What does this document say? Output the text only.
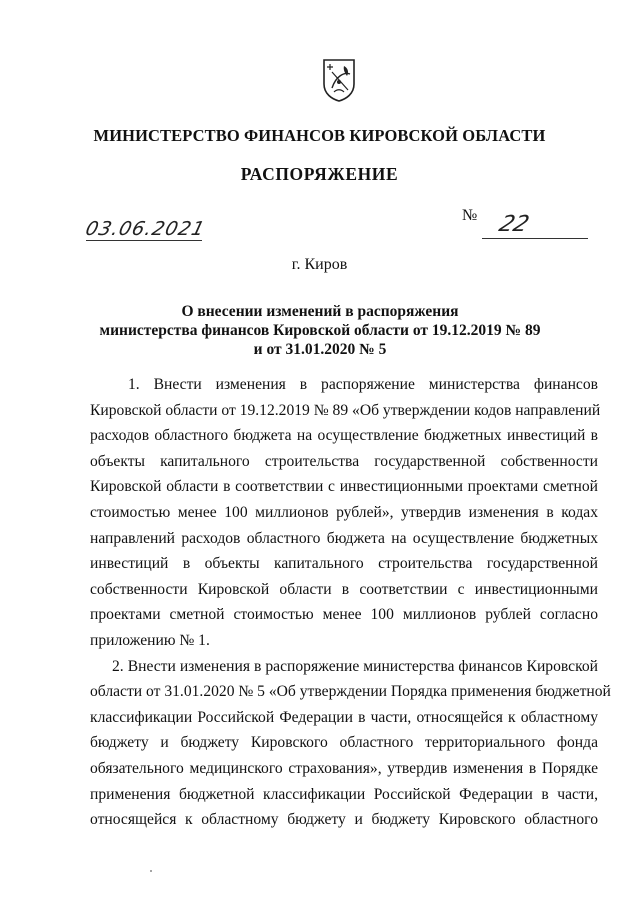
МИНИСТЕРСТВО ФИНАНСОВ КИРОВСКОЙ ОБЛАСТИ
РАСПОРЯЖЕНИЕ
03.06.2021
№ 22
г. Киров
О внесении изменений в распоряжения
министерства финансов Кировской области от 19.12.2019 № 89
и от 31.01.2020 № 5
1. Внести изменения в распоряжение министерства финансов
Кировской области от 19.12.2019 № 89 «Об утверждении кодов направлений
расходов областного бюджета на осуществление бюджетных инвестиций в
объекты капитального строительства государственной собственности
Кировской области в соответствии с инвестиционными проектами сметной
стоимостью менее 100 миллионов рублей», утвердив изменения в кодах
направлений расходов областного бюджета на осуществление бюджетных
инвестиций в объекты капитального строительства государственной
собственности Кировской области в соответствии с инвестиционными
проектами сметной стоимостью менее 100 миллионов рублей согласно
приложению № 1.
2. Внести изменения в распоряжение министерства финансов Кировской
области от 31.01.2020 № 5 «Об утверждении Порядка применения бюджетной
классификации Российской Федерации в части, относящейся к областному
бюджету и бюджету Кировского областного территориального фонда
обязательного медицинского страхования», утвердив изменения в Порядке
применения бюджетной классификации Российской Федерации в части,
относящейся к областному бюджету и бюджету Кировского областного
